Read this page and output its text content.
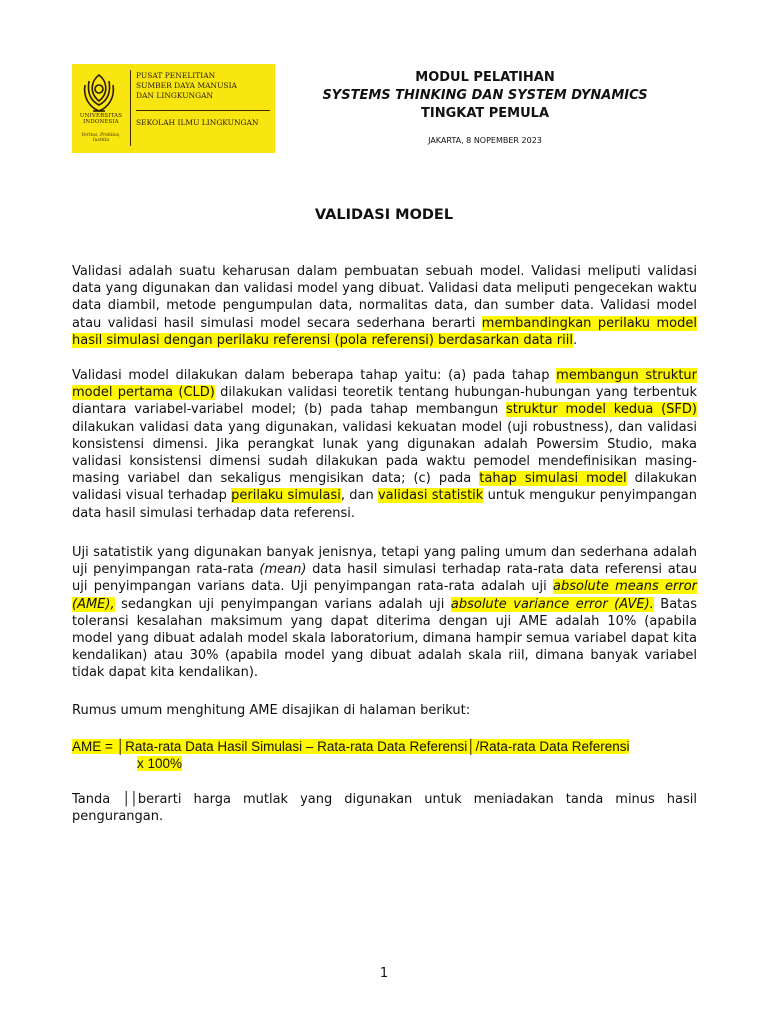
UNIVERSITAS
INDONESIA
Veritas, Probitas, Iustitia
PUSAT PENELITIAN
SUMBER DAYA MANUSIA
DAN LINGKUNGAN
SEKOLAH ILMU LINGKUNGAN
MODUL PELATIHAN
SYSTEMS THINKING DAN SYSTEM DYNAMICS
TINGKAT PEMULA
JAKARTA, 8 NOPEMBER 2023
VALIDASI MODEL

Validasi adalah suatu keharusan dalam pembuatan sebuah model. Validasi meliputi validasi data yang digunakan dan validasi model yang dibuat. Validasi data meliputi pengecekan waktu data diambil, metode pengumpulan data, normalitas data, dan sumber data. Validasi model atau validasi hasil simulasi model secara sederhana berarti membandingkan perilaku model hasil simulasi dengan perilaku referensi (pola referensi) berdasarkan data riil.

Validasi model dilakukan dalam beberapa tahap yaitu: (a) pada tahap membangun struktur model pertama (CLD) dilakukan validasi teoretik tentang hubungan-hubungan yang terbentuk diantara variabel-variabel model; (b) pada tahap membangun struktur model kedua (SFD) dilakukan validasi data yang digunakan, validasi kekuatan model (uji robustness), dan validasi konsistensi dimensi. Jika perangkat lunak yang digunakan adalah Powersim Studio, maka validasi konsistensi dimensi sudah dilakukan pada waktu pemodel mendefinisikan masing-masing variabel dan sekaligus mengisikan data; (c) pada tahap simulasi model dilakukan validasi visual terhadap perilaku simulasi, dan validasi statistik untuk mengukur penyimpangan data hasil simulasi terhadap data referensi.

Uji satatistik yang digunakan banyak jenisnya, tetapi yang paling umum dan sederhana adalah uji penyimpangan rata-rata (mean) data hasil simulasi terhadap rata-rata data referensi atau uji penyimpangan varians data. Uji penyimpangan rata-rata adalah uji absolute means error (AME), sedangkan uji penyimpangan varians adalah uji absolute variance error (AVE). Batas toleransi kesalahan maksimum yang dapat diterima dengan uji AME adalah 10% (apabila model yang dibuat adalah model skala laboratorium, dimana hampir semua variabel dapat kita kendalikan) atau 30% (apabila model yang dibuat adalah skala riil, dimana banyak variabel tidak dapat kita kendalikan).

Rumus umum menghitung AME disajikan di halaman berikut:

AME = │Rata-rata Data Hasil Simulasi – Rata-rata Data Referensi│/Rata-rata Data Referensi
x 100%

Tanda ││berarti harga mutlak yang digunakan untuk meniadakan tanda minus hasil pengurangan.

1
